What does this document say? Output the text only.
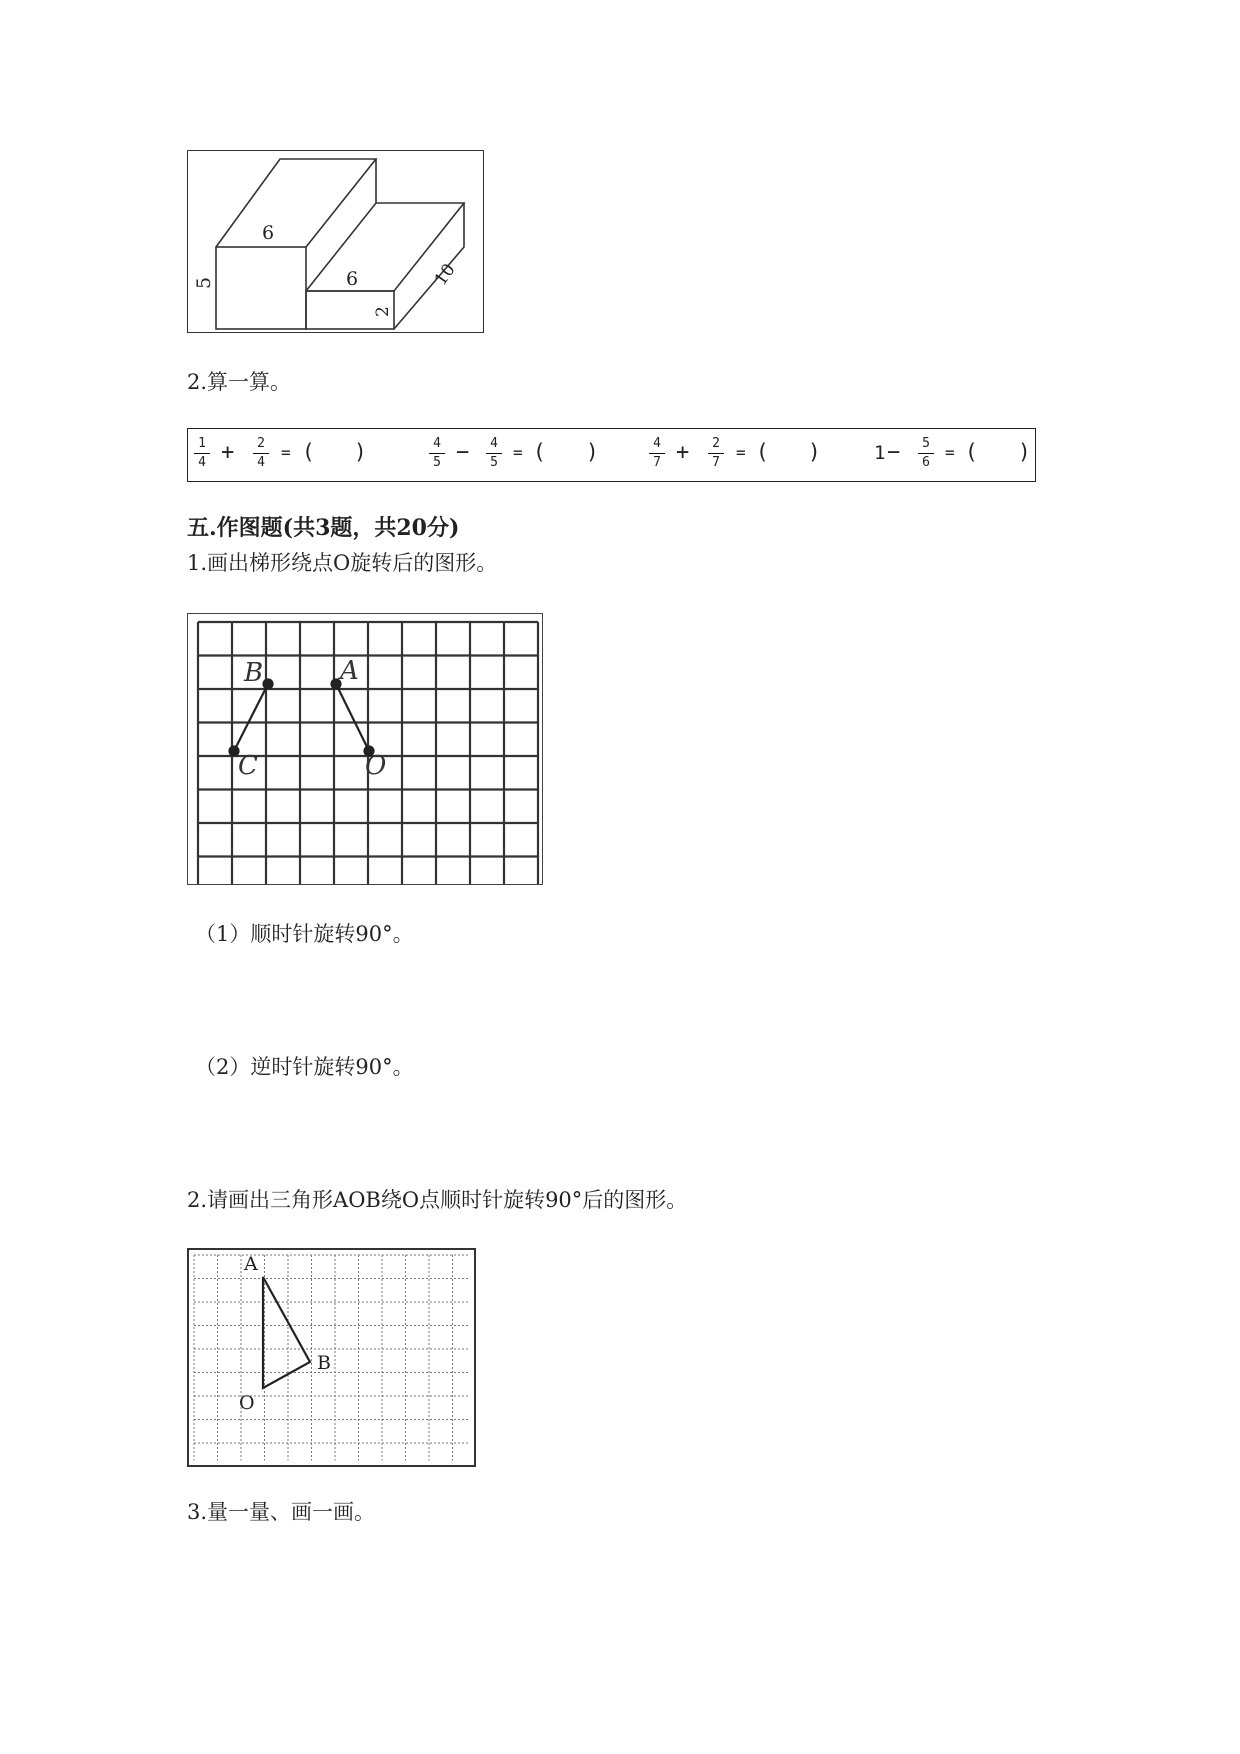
6
5	6
2
10
2.算一算。
$\frac{1}{4} + \frac{2}{4}$ = ( )	$\frac{4}{5} - \frac{4}{5}$ = ( )	$\frac{4}{7} + \frac{2}{7}$ = ( )	$1 - \frac{5}{6}$ = ( )
五.作图题(共3题，共20分)
1.画出梯形绕点O旋转后的图形。
B	A
C	O
（1）顺时针旋转90°。
（2）逆时针旋转90°。
2.请画出三角形AOB绕O点顺时针旋转90°后的图形。
A
B
O
3.量一量、画一画。
